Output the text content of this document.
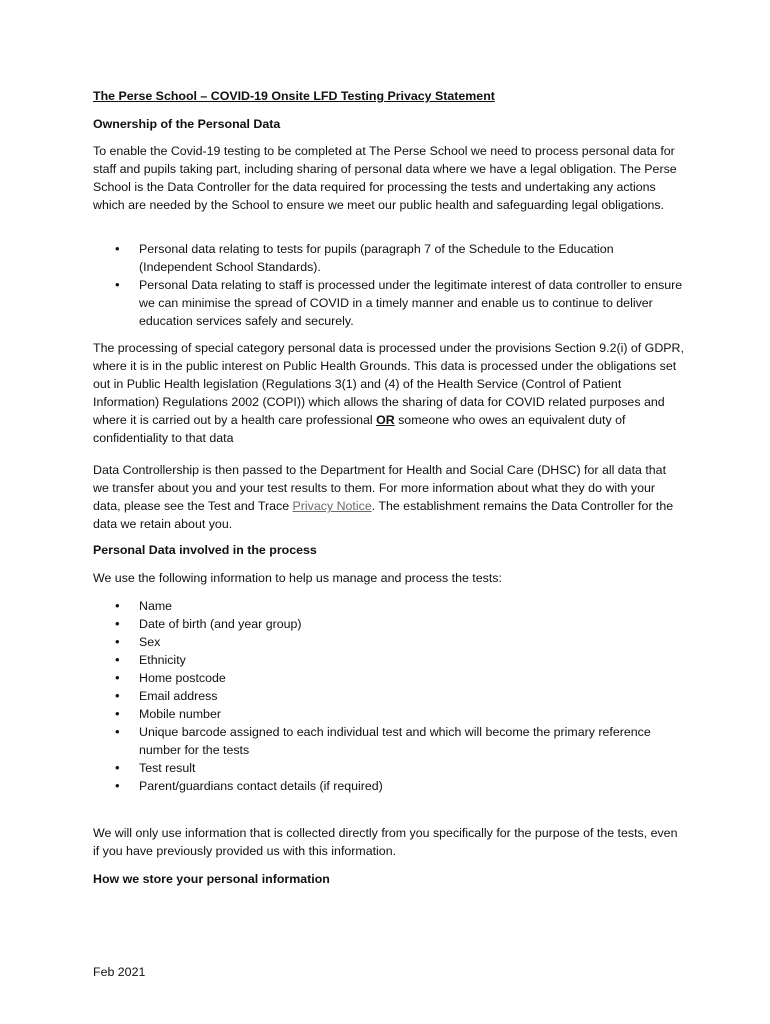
The Perse School – COVID-19 Onsite LFD Testing Privacy Statement

Ownership of the Personal Data

To enable the Covid-19 testing to be completed at The Perse School we need to process personal data for staff and pupils taking part, including sharing of personal data where we have a legal obligation. The Perse School is the Data Controller for the data required for processing the tests and undertaking any actions which are needed by the School to ensure we meet our public health and safeguarding legal obligations.

• Personal data relating to tests for pupils (paragraph 7 of the Schedule to the Education (Independent School Standards).
• Personal Data relating to staff is processed under the legitimate interest of data controller to ensure we can minimise the spread of COVID in a timely manner and enable us to continue to deliver education services safely and securely.

The processing of special category personal data is processed under the provisions Section 9.2(i) of GDPR, where it is in the public interest on Public Health Grounds. This data is processed under the obligations set out in Public Health legislation (Regulations 3(1) and (4) of the Health Service (Control of Patient Information) Regulations 2002 (COPI)) which allows the sharing of data for COVID related purposes and where it is carried out by a health care professional OR someone who owes an equivalent duty of confidentiality to that data

Data Controllership is then passed to the Department for Health and Social Care (DHSC) for all data that we transfer about you and your test results to them. For more information about what they do with your data, please see the Test and Trace Privacy Notice. The establishment remains the Data Controller for the data we retain about you.

Personal Data involved in the process

We use the following information to help us manage and process the tests:

• Name
• Date of birth (and year group)
• Sex
• Ethnicity
• Home postcode
• Email address
• Mobile number
• Unique barcode assigned to each individual test and which will become the primary reference number for the tests
• Test result
• Parent/guardians contact details (if required)

We will only use information that is collected directly from you specifically for the purpose of the tests, even if you have previously provided us with this information.

How we store your personal information

Feb 2021
